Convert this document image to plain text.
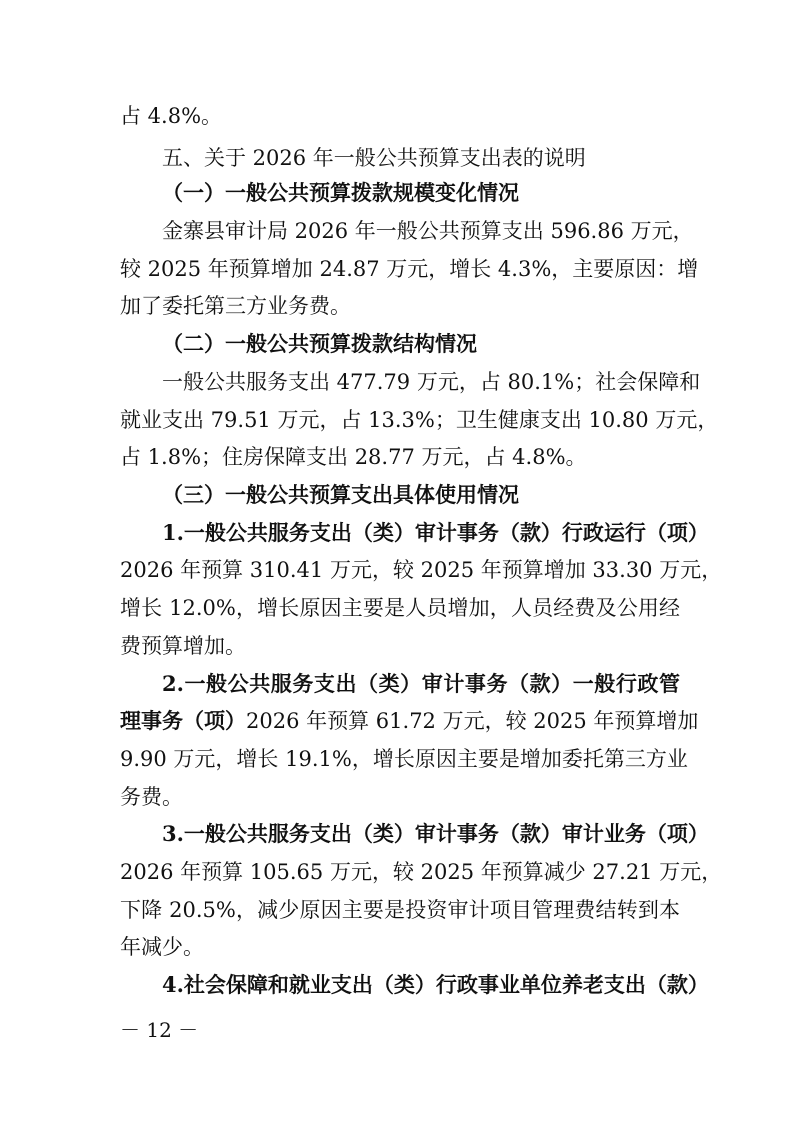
占 4.8%。
五、关于 2026 年一般公共预算支出表的说明
（一）一般公共预算拨款规模变化情况
金寨县审计局 2026 年一般公共预算支出 596.86 万元，
较 2025 年预算增加 24.87 万元，增长 4.3%，主要原因：增
加了委托第三方业务费。
（二）一般公共预算拨款结构情况
一般公共服务支出 477.79 万元，占 80.1%；社会保障和
就业支出 79.51 万元，占 13.3%；卫生健康支出 10.80 万元，
占 1.8%；住房保障支出 28.77 万元，占 4.8%。
（三）一般公共预算支出具体使用情况
1.一般公共服务支出（类）审计事务（款）行政运行（项）
2026 年预算 310.41 万元，较 2025 年预算增加 33.30 万元，
增长 12.0%，增长原因主要是人员增加，人员经费及公用经
费预算增加。
2.一般公共服务支出（类）审计事务（款）一般行政管
理事务（项）2026 年预算 61.72 万元，较 2025 年预算增加
9.90 万元，增长 19.1%，增长原因主要是增加委托第三方业
务费。
3.一般公共服务支出（类）审计事务（款）审计业务（项）
2026 年预算 105.65 万元，较 2025 年预算减少 27.21 万元，
下降 20.5%，减少原因主要是投资审计项目管理费结转到本
年减少。
4.社会保障和就业支出（类）行政事业单位养老支出（款）
－ 12 －
